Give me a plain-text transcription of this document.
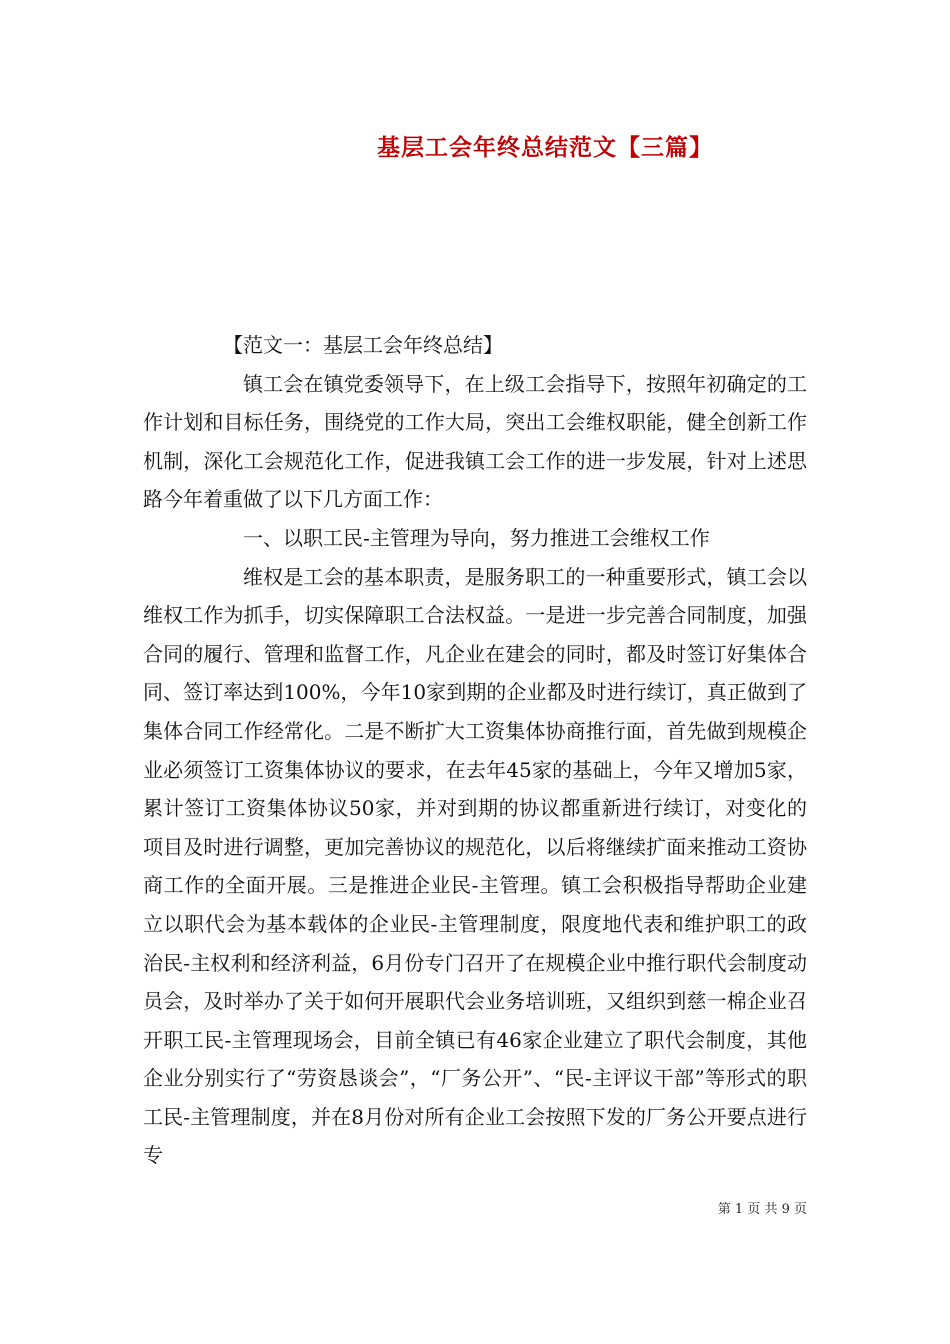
基层工会年终总结范文【三篇】

【范文一：基层工会年终总结】

镇工会在镇党委领导下，在上级工会指导下，按照年初确定的工作计划和目标任务，围绕党的工作大局，突出工会维权职能，健全创新工作机制，深化工会规范化工作，促进我镇工会工作的进一步发展，针对上述思路今年着重做了以下几方面工作：

一、以职工民-主管理为导向，努力推进工会维权工作

维权是工会的基本职责，是服务职工的一种重要形式，镇工会以维权工作为抓手，切实保障职工合法权益。一是进一步完善合同制度，加强合同的履行、管理和监督工作，凡企业在建会的同时，都及时签订好集体合同、签订率达到100%，今年10家到期的企业都及时进行续订，真正做到了集体合同工作经常化。二是不断扩大工资集体协商推行面，首先做到规模企业必须签订工资集体协议的要求，在去年45家的基础上，今年又增加5家，累计签订工资集体协议50家，并对到期的协议都重新进行续订，对变化的项目及时进行调整，更加完善协议的规范化，以后将继续扩面来推动工资协商工作的全面开展。三是推进企业民-主管理。镇工会积极指导帮助企业建立以职代会为基本载体的企业民-主管理制度，限度地代表和维护职工的政治民-主权利和经济利益，6月份专门召开了在规模企业中推行职代会制度动员会，及时举办了关于如何开展职代会业务培训班，又组织到慈一棉企业召开职工民-主管理现场会，目前全镇已有46家企业建立了职代会制度，其他企业分别实行了“劳资恳谈会”，“厂务公开”、“民-主评议干部”等形式的职工民-主管理制度，并在8月份对所有企业工会按照下发的厂务公开要点进行专

第 1 页 共 9 页
